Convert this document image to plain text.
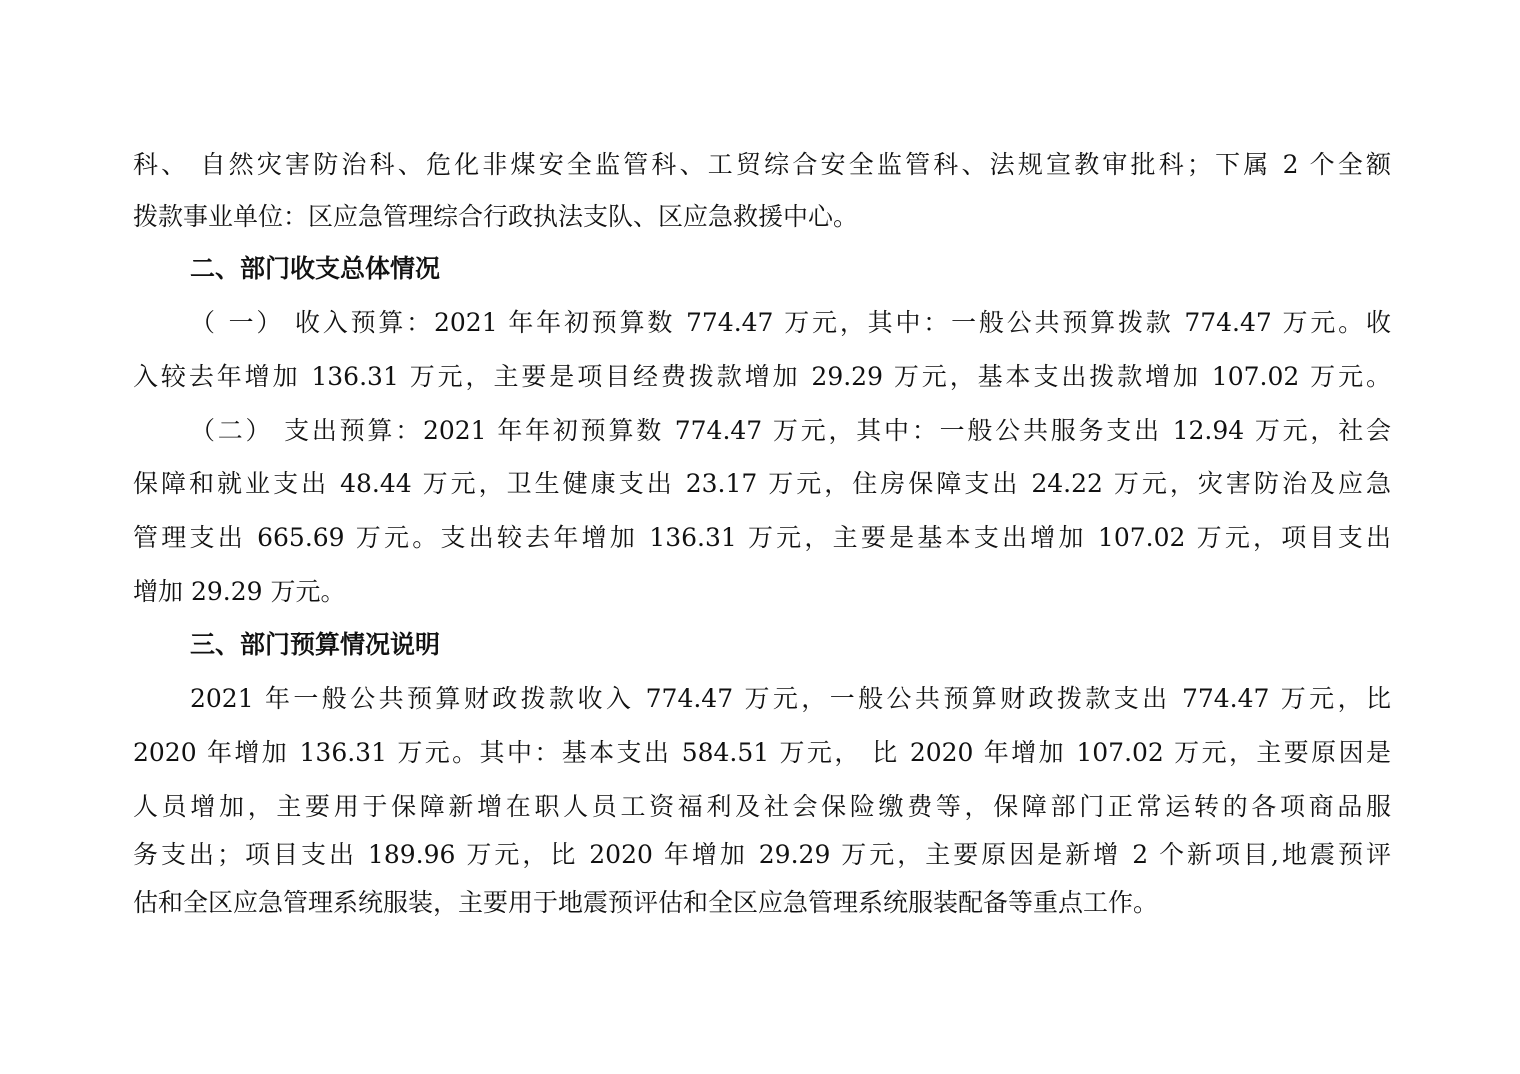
科、 自然灾害防治科、危化非煤安全监管科、工贸综合安全监管科、法规宣教审批科；下属 2 个全额
拨款事业单位：区应急管理综合行政执法支队、区应急救援中心。
二、部门收支总体情况
（ 一） 收入预算：2021 年年初预算数 774.47 万元，其中：一般公共预算拨款 774.47 万元。收
入较去年增加 136.31 万元，主要是项目经费拨款增加 29.29 万元，基本支出拨款增加 107.02 万元。
（二） 支出预算：2021 年年初预算数 774.47 万元，其中：一般公共服务支出 12.94 万元，社会
保障和就业支出 48.44 万元，卫生健康支出 23.17 万元，住房保障支出 24.22 万元，灾害防治及应急
管理支出 665.69 万元。支出较去年增加 136.31 万元，主要是基本支出增加 107.02 万元，项目支出
增加 29.29 万元。
三、部门预算情况说明
2021 年一般公共预算财政拨款收入 774.47 万元，一般公共预算财政拨款支出 774.47 万元，比
2020 年增加 136.31 万元。其中：基本支出 584.51 万元， 比 2020 年增加 107.02 万元，主要原因是
人员增加，主要用于保障新增在职人员工资福利及社会保险缴费等，保障部门正常运转的各项商品服
务支出；项目支出 189.96 万元，比 2020 年增加 29.29 万元，主要原因是新增 2 个新项目,地震预评
估和全区应急管理系统服装，主要用于地震预评估和全区应急管理系统服装配备等重点工作。
